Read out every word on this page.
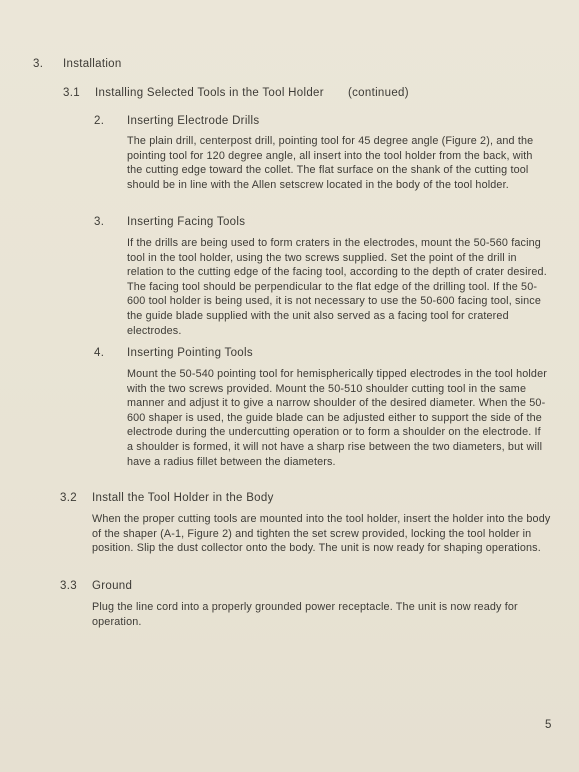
3. Installation
3.1 Installing Selected Tools in the Tool Holder (continued)
2. Inserting Electrode Drills

The plain drill, centerpost drill, pointing tool for 45 degree angle (Figure 2), and the pointing tool for 120 degree angle, all insert into the tool holder from the back, with the cutting edge toward the collet. The flat surface on the shank of the cutting tool should be in line with the Allen setscrew located in the body of the tool holder.

3. Inserting Facing Tools

If the drills are being used to form craters in the electrodes, mount the 50-560 facing tool in the tool holder, using the two screws supplied. Set the point of the drill in relation to the cutting edge of the facing tool, according to the depth of crater desired. The facing tool should be perpendicular to the flat edge of the drilling tool. If the 50-600 tool holder is being used, it is not necessary to use the 50-600 facing tool, since the guide blade supplied with the unit also served as a facing tool for cratered electrodes.

4. Inserting Pointing Tools

Mount the 50-540 pointing tool for hemispherically tipped electrodes in the tool holder with the two screws provided. Mount the 50-510 shoulder cutting tool in the same manner and adjust it to give a narrow shoulder of the desired diameter. When the 50-600 shaper is used, the guide blade can be adjusted either to support the side of the electrode during the undercutting operation or to form a shoulder on the electrode. If a shoulder is formed, it will not have a sharp rise between the two diameters, but will have a radius fillet between the diameters.

3.2 Install the Tool Holder in the Body

When the proper cutting tools are mounted into the tool holder, insert the holder into the body of the shaper (A-1, Figure 2) and tighten the set screw provided, locking the tool holder in position. Slip the dust collector onto the body. The unit is now ready for shaping operations.

3.3 Ground

Plug the line cord into a properly grounded power receptacle. The unit is now ready for operation.

5
